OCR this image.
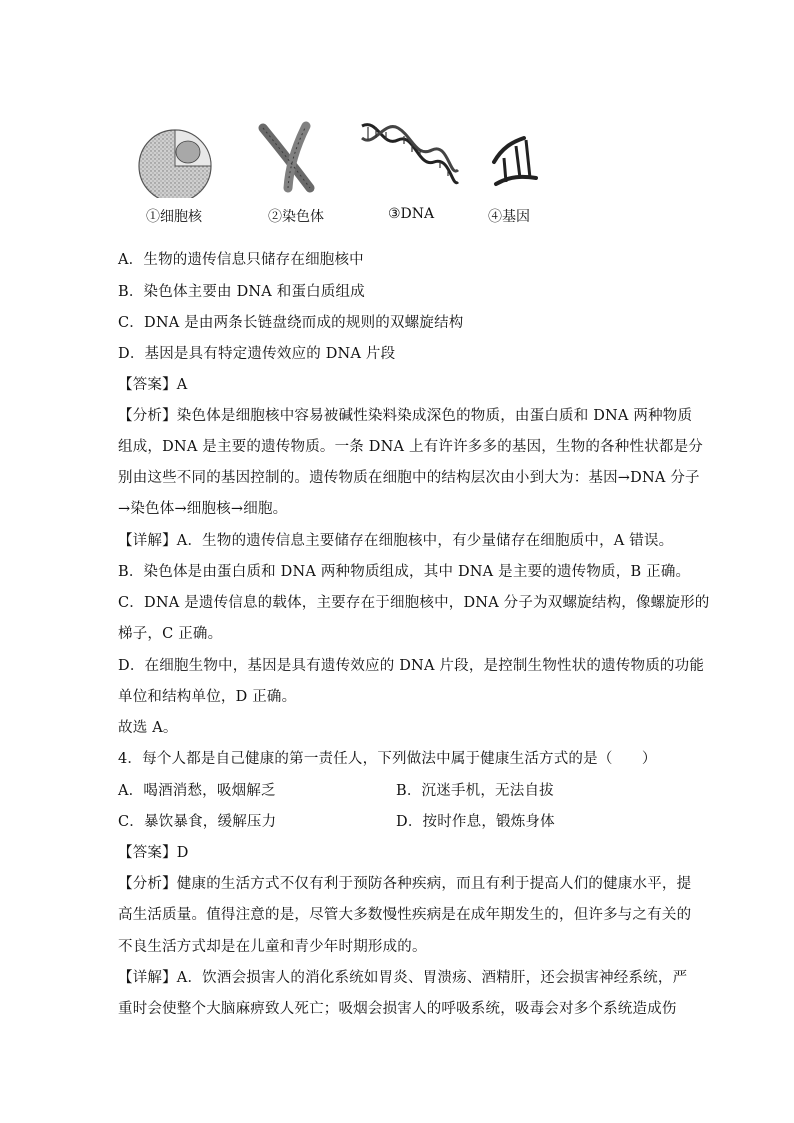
①细胞核	②染色体	③DNA	④基因
A．生物的遗传信息只储存在细胞核中
B．染色体主要由 DNA 和蛋白质组成
C．DNA 是由两条长链盘绕而成的规则的双螺旋结构
D．基因是具有特定遗传效应的 DNA 片段
【答案】A
【分析】染色体是细胞核中容易被碱性染料染成深色的物质，由蛋白质和 DNA 两种物质
组成，DNA 是主要的遗传物质。一条 DNA 上有许许多多的基因，生物的各种性状都是分
别由这些不同的基因控制的。遗传物质在细胞中的结构层次由小到大为：基因→DNA 分子
→染色体→细胞核→细胞。
【详解】A．生物的遗传信息主要储存在细胞核中，有少量储存在细胞质中，A 错误。
B．染色体是由蛋白质和 DNA 两种物质组成，其中 DNA 是主要的遗传物质，B 正确。
C．DNA 是遗传信息的载体，主要存在于细胞核中，DNA 分子为双螺旋结构，像螺旋形的
梯子，C 正确。
D．在细胞生物中，基因是具有遗传效应的 DNA 片段，是控制生物性状的遗传物质的功能
单位和结构单位，D 正确。
故选 A。
4．每个人都是自己健康的第一责任人，下列做法中属于健康生活方式的是（　　）
A．喝酒消愁，吸烟解乏	B．沉迷手机，无法自拔
C．暴饮暴食，缓解压力	D．按时作息，锻炼身体
【答案】D
【分析】健康的生活方式不仅有利于预防各种疾病，而且有利于提高人们的健康水平，提
高生活质量。值得注意的是，尽管大多数慢性疾病是在成年期发生的，但许多与之有关的
不良生活方式却是在儿童和青少年时期形成的。
【详解】A．饮酒会损害人的消化系统如胃炎、胃溃疡、酒精肝，还会损害神经系统，严
重时会使整个大脑麻痹致人死亡；吸烟会损害人的呼吸系统，吸毒会对多个系统造成伤
